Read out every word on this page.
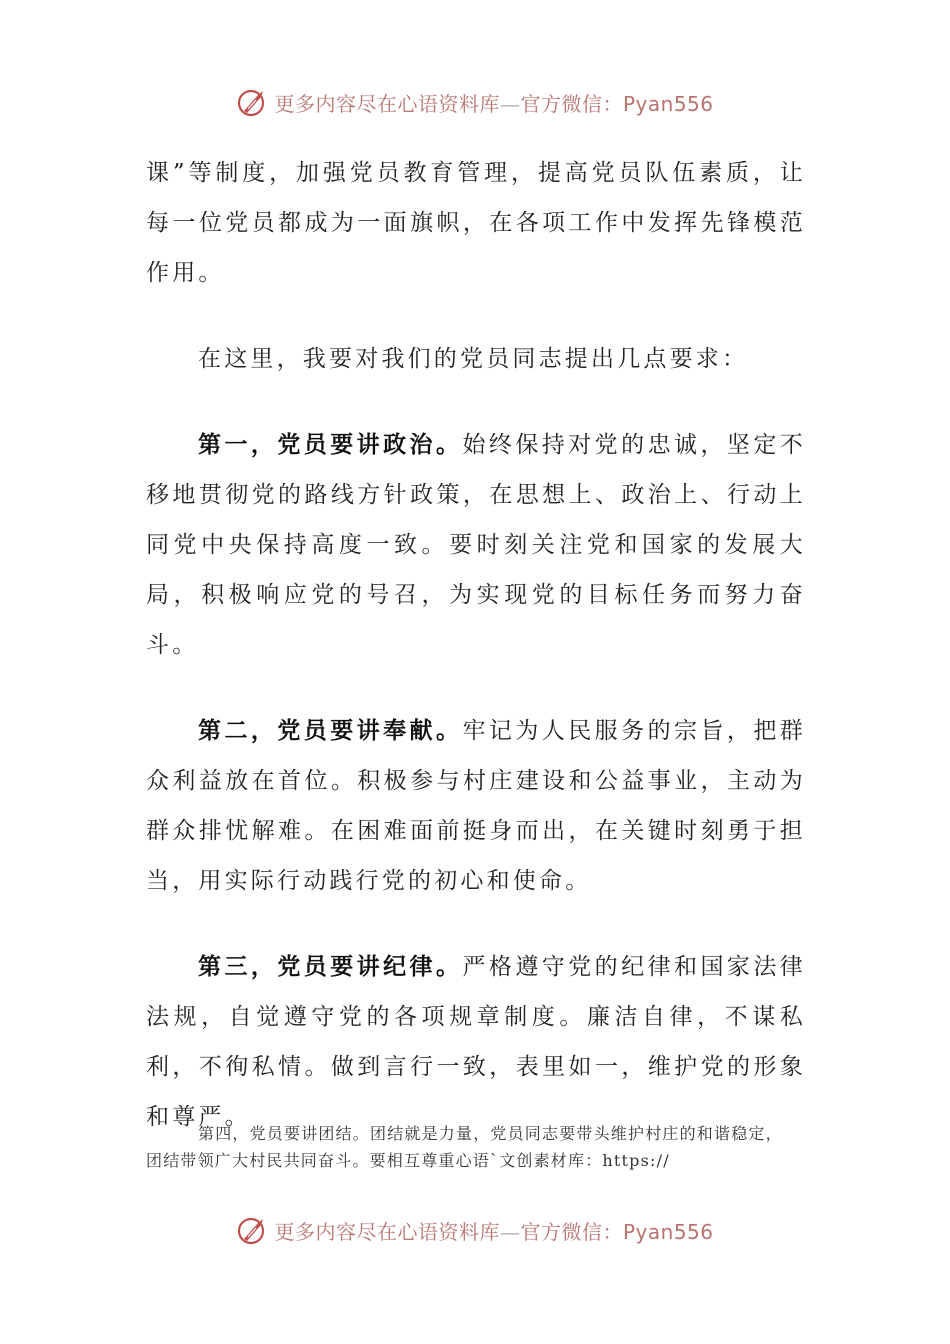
更多内容尽在心语资料库—官方微信：Pyan556

课”等制度，加强党员教育管理，提高党员队伍素质，让每一位党员都成为一面旗帜，在各项工作中发挥先锋模范作用。

在这里，我要对我们的党员同志提出几点要求：

第一，党员要讲政治。始终保持对党的忠诚，坚定不移地贯彻党的路线方针政策，在思想上、政治上、行动上同党中央保持高度一致。要时刻关注党和国家的发展大局，积极响应党的号召，为实现党的目标任务而努力奋斗。

第二，党员要讲奉献。牢记为人民服务的宗旨，把群众利益放在首位。积极参与村庄建设和公益事业，主动为群众排忧解难。在困难面前挺身而出，在关键时刻勇于担当，用实际行动践行党的初心和使命。

第三，党员要讲纪律。严格遵守党的纪律和国家法律法规，自觉遵守党的各项规章制度。廉洁自律，不谋私利，不徇私情。做到言行一致，表里如一，维护党的形象和尊严。

第四，党员要讲团结。团结就是力量，党员同志要带头维护村庄的和谐稳定，团结带领广大村民共同奋斗。要相互尊重心语`文创素材库：https://

更多内容尽在心语资料库—官方微信：Pyan556
